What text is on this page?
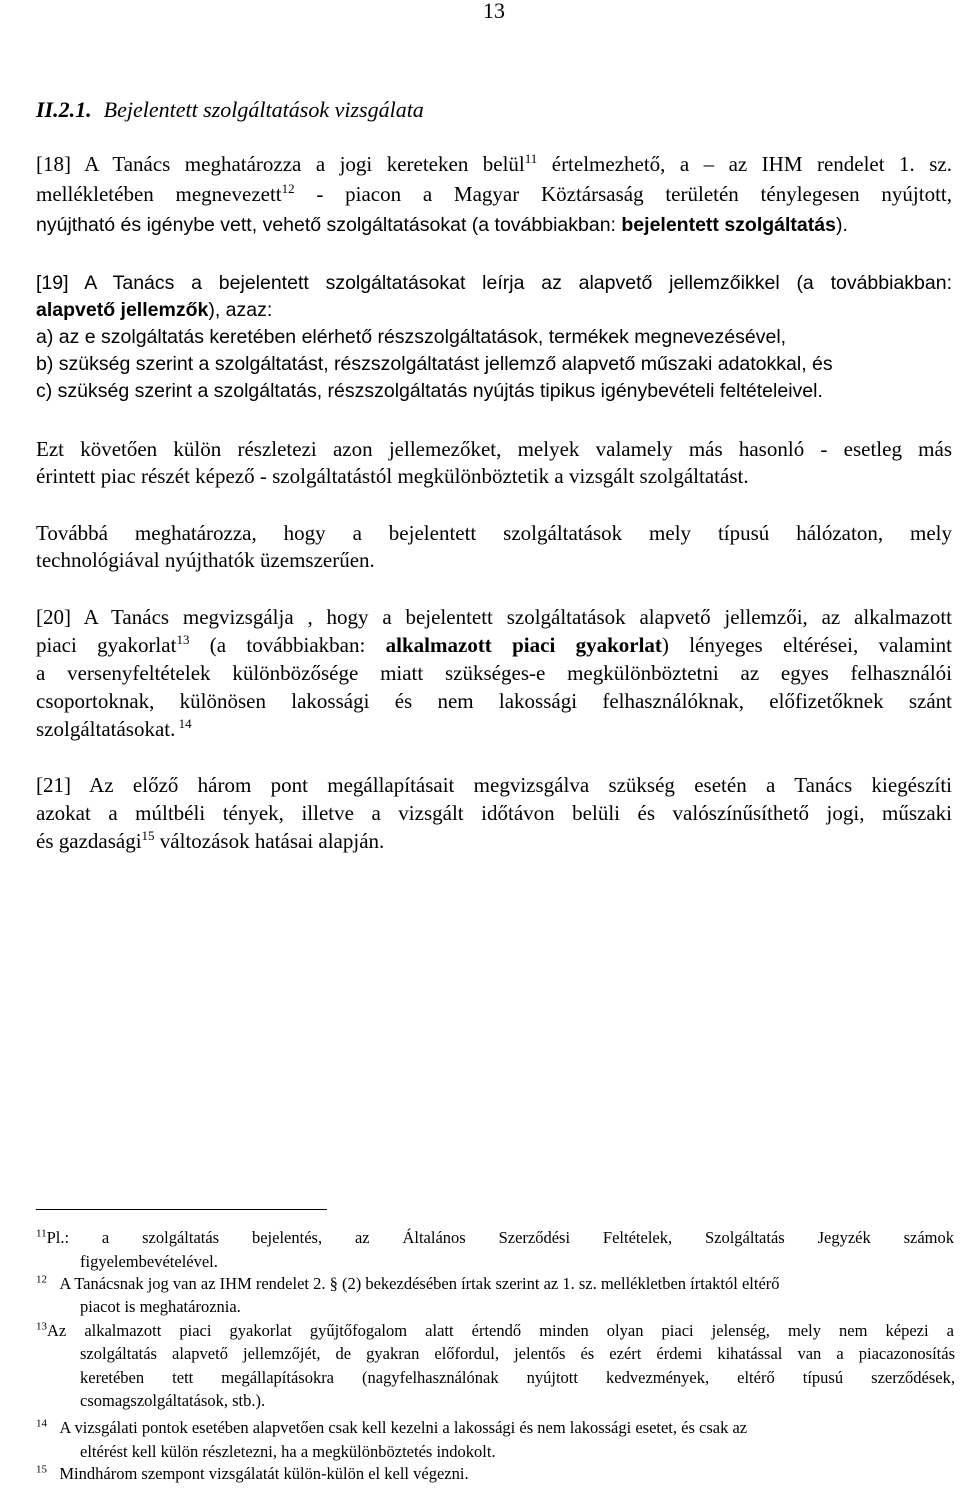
13
II.2.1. Bejelentett szolgáltatások vizsgálata
[18] A Tanács meghatározza a jogi kereteken belül$^{11}$ értelmezhető, a – az IHM rendelet 1. sz.
mellékletében megnevezett$^{12}$ - piacon a Magyar Köztársaság területén ténylegesen nyújtott,
nyújtható és igénybe vett, vehető szolgáltatásokat (a továbbiakban: bejelentett szolgáltatás).
[19] A Tanács a bejelentett szolgáltatásokat leírja az alapvető jellemzőikkel (a továbbiakban:
alapvető jellemzők), azaz:
a) az e szolgáltatás keretében elérhető részszolgáltatások, termékek megnevezésével,
b) szükség szerint a szolgáltatást, részszolgáltatást jellemző alapvető műszaki adatokkal, és
c) szükség szerint a szolgáltatás, részszolgáltatás nyújtás tipikus igénybevételi feltételeivel.
Ezt követően külön részletezi azon jellemezőket, melyek valamely más hasonló - esetleg más
érintett piac részét képező - szolgáltatástól megkülönböztetik a vizsgált szolgáltatást.
Továbbá meghatározza, hogy a bejelentett szolgáltatások mely típusú hálózaton, mely
technológiával nyújthatók üzemszerűen.
[20] A Tanács megvizsgálja , hogy a bejelentett szolgáltatások alapvető jellemzői, az alkalmazott
piaci gyakorlat$^{13}$ (a továbbiakban: alkalmazott piaci gyakorlat) lényeges eltérései, valamint
a versenyfeltételek különbözősége miatt szükséges-e megkülönböztetni az egyes felhasználói
csoportoknak, különösen lakossági és nem lakossági felhasználóknak, előfizetőknek szánt
szolgáltatásokat. $^{14}$
[21] Az előző három pont megállapításait megvizsgálva szükség esetén a Tanács kiegészíti
azokat a múltbéli tények, illetve a vizsgált időtávon belüli és valószínűsíthető jogi, műszaki
és gazdasági$^{15}$ változások hatásai alapján.
$^{11}$Pl.: a szolgáltatás bejelentés, az Általános Szerződési Feltételek, Szolgáltatás Jegyzék számok
figyelembevételével.
$^{12}$ A Tanácsnak jog van az IHM rendelet 2. § (2) bekezdésében írtak szerint az 1. sz. mellékletben írtaktól eltérő
piacot is meghatároznia.
$^{13}$Az alkalmazott piaci gyakorlat gyűjtőfogalom alatt értendő minden olyan piaci jelenség, mely nem képezi a
szolgáltatás alapvető jellemzőjét, de gyakran előfordul, jelentős és ezért érdemi kihatással van a piacazonosítás
keretében tett megállapításokra (nagyfelhasználónak nyújtott kedvezmények, eltérő típusú szerződések,
csomagszolgáltatások, stb.).
$^{14}$ A vizsgálati pontok esetében alapvetően csak kell kezelni a lakossági és nem lakossági esetet, és csak az
eltérést kell külön részletezni, ha a megkülönböztetés indokolt.
$^{15}$ Mindhárom szempont vizsgálatát külön-külön el kell végezni.
